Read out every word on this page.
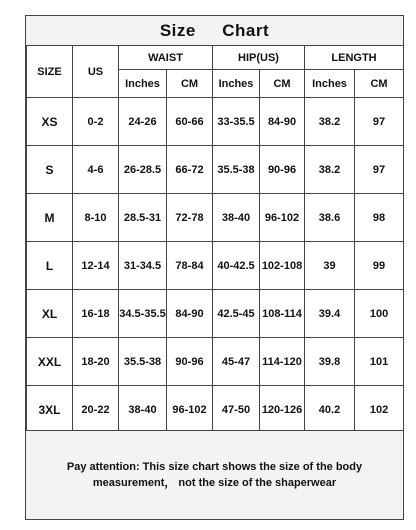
Size  Chart
SIZE	US	WAIST		HIP(US)		LENGTH	
		Inches	CM	Inches	CM	Inches	CM
XS	0-2	24-26	60-66	33-35.5	84-90	38.2	97
S	4-6	26-28.5	66-72	35.5-38	90-96	38.2	97
M	8-10	28.5-31	72-78	38-40	96-102	38.6	98
L	12-14	31-34.5	78-84	40-42.5	102-108	39	99
XL	16-18	34.5-35.5	84-90	42.5-45	108-114	39.4	100
XXL	18-20	35.5-38	90-96	45-47	114-120	39.8	101
3XL	20-22	38-40	96-102	47-50	120-126	40.2	102
Pay attention: This size chart shows the size of the body
measurement， not the size of the shaperwear
